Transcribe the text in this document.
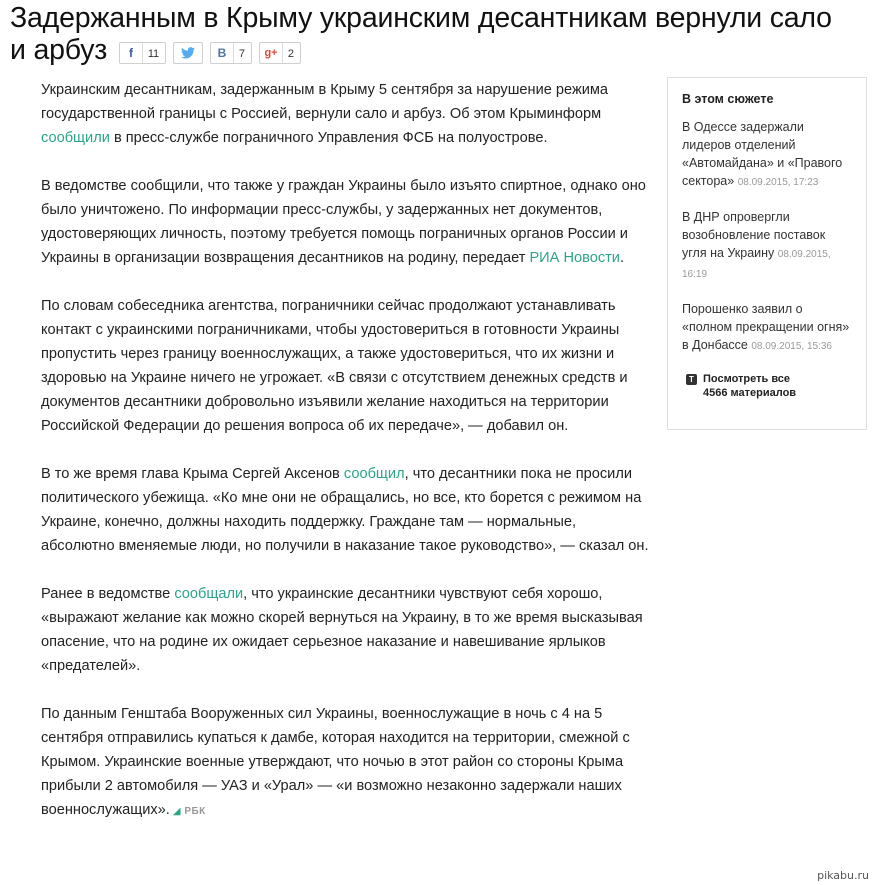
Задержанным в Крыму украинским десантникам вернули сало и арбуз	f	11	В	7	g+ 2

Украинским десантникам, задержанным в Крыму 5 сентября за нарушение режима государственной границы с Россией, вернули сало и арбуз. Об этом Крыминформ сообщили в пресс-службе пограничного Управления ФСБ на полуострове.

В ведомстве сообщили, что также у граждан Украины было изъято спиртное, однако оно было уничтожено. По информации пресс-службы, у задержанных нет документов, удостоверяющих личность, поэтому требуется помощь пограничных органов России и Украины в организации возвращения десантников на родину, передает РИА Новости.

По словам собеседника агентства, пограничники сейчас продолжают устанавливать контакт с украинскими пограничниками, чтобы удостовериться в готовности Украины пропустить через границу военнослужащих, а также удостовериться, что их жизни и здоровью на Украине ничего не угрожает. «В связи с отсутствием денежных средств и документов десантники добровольно изъявили желание находиться на территории Российской Федерации до решения вопроса об их передаче», — добавил он.

В то же время глава Крыма Сергей Аксенов сообщил, что десантники пока не просили политического убежища. «Ко мне они не обращались, но все, кто борется с режимом на Украине, конечно, должны находить поддержку. Граждане там — нормальные, абсолютно вменяемые люди, но получили в наказание такое руководство», — сказал он.

Ранее в ведомстве сообщали, что украинские десантники чувствуют себя хорошо, «выражают желание как можно скорей вернуться на Украину, в то же время высказывая опасение, что на родине их ожидает серьезное наказание и навешивание ярлыков «предателей».

По данным Генштаба Вооруженных сил Украины, военнослужащие в ночь с 4 на 5 сентября отправились купаться к дамбе, которая находится на территории, смежной с Крымом. Украинские военные утверждают, что ночью в этот район со стороны Крыма прибыли 2 автомобиля — УАЗ и «Урал» — «и возможно незаконно задержали наших военнослужащих». ◢ РБК

В этом сюжете
В Одессе задержали лидеров отделений «Автомайдана» и «Правого сектора» 08.09.2015, 17:23
В ДНР опровергли возобновление поставок угля на Украину 08.09.2015, 16:19
Порошенко заявил о «полном прекращении огня» в Донбассе 08.09.2015, 15:36
T Посмотреть все
4566 материалов
pikabu.ru
